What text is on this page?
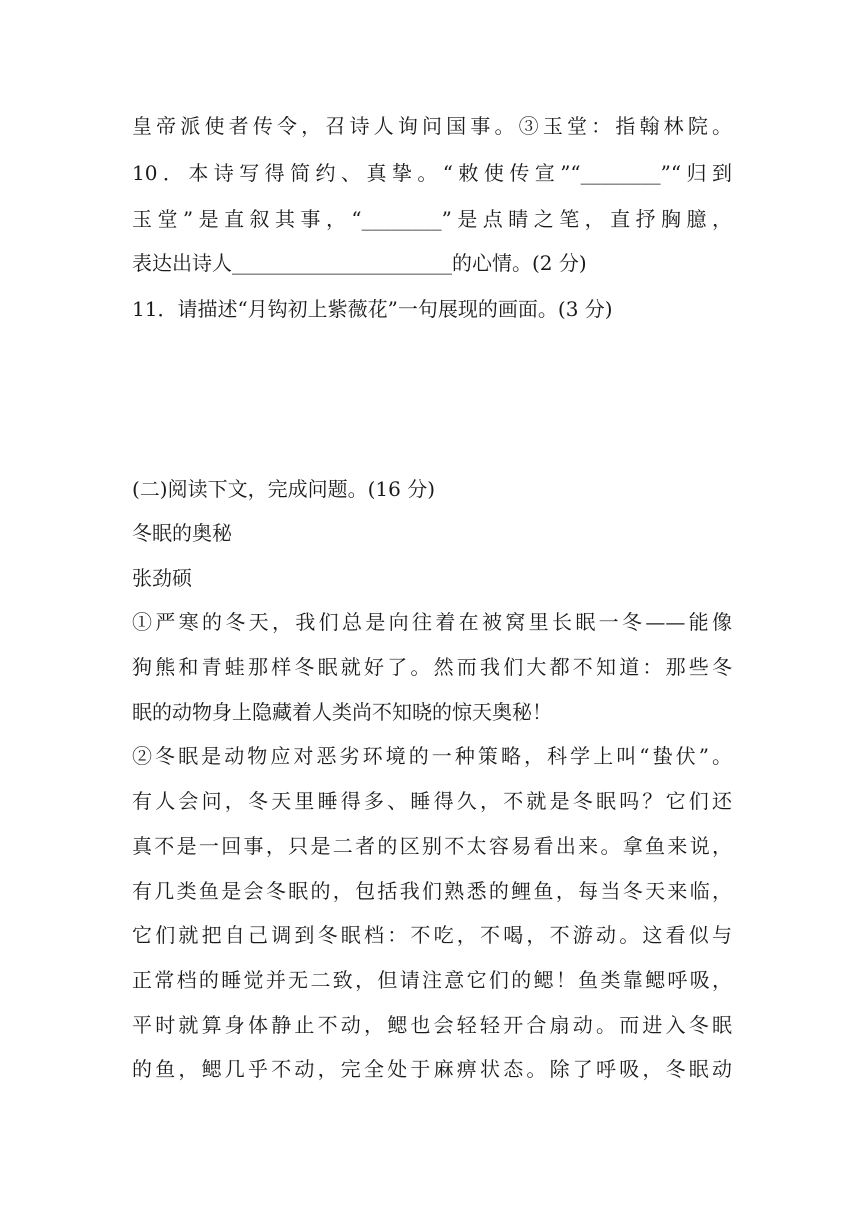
皇帝派使者传令，召诗人询问国事。③玉堂：指翰林院。
10．本诗写得简约、真挚。“敕使传宣”“________”“归到
玉堂”是直叙其事，“________”是点睛之笔，直抒胸臆，
表达出诗人______________________的心情。(2 分)
11．请描述“月钩初上紫薇花”一句展现的画面。(3 分)
(二)阅读下文，完成问题。(16 分)
冬眠的奥秘
张劲硕
①严寒的冬天，我们总是向往着在被窝里长眠一冬——能像
狗熊和青蛙那样冬眠就好了。然而我们大都不知道：那些冬
眠的动物身上隐藏着人类尚不知晓的惊天奥秘！
②冬眠是动物应对恶劣环境的一种策略，科学上叫“蛰伏”。
有人会问，冬天里睡得多、睡得久，不就是冬眠吗？它们还
真不是一回事，只是二者的区别不太容易看出来。拿鱼来说，
有几类鱼是会冬眠的，包括我们熟悉的鲤鱼，每当冬天来临，
它们就把自己调到冬眠档：不吃，不喝，不游动。这看似与
正常档的睡觉并无二致，但请注意它们的鳃！鱼类靠鳃呼吸，
平时就算身体静止不动，鳃也会轻轻开合扇动。而进入冬眠
的鱼，鳃几乎不动，完全处于麻痹状态。除了呼吸，冬眠动
